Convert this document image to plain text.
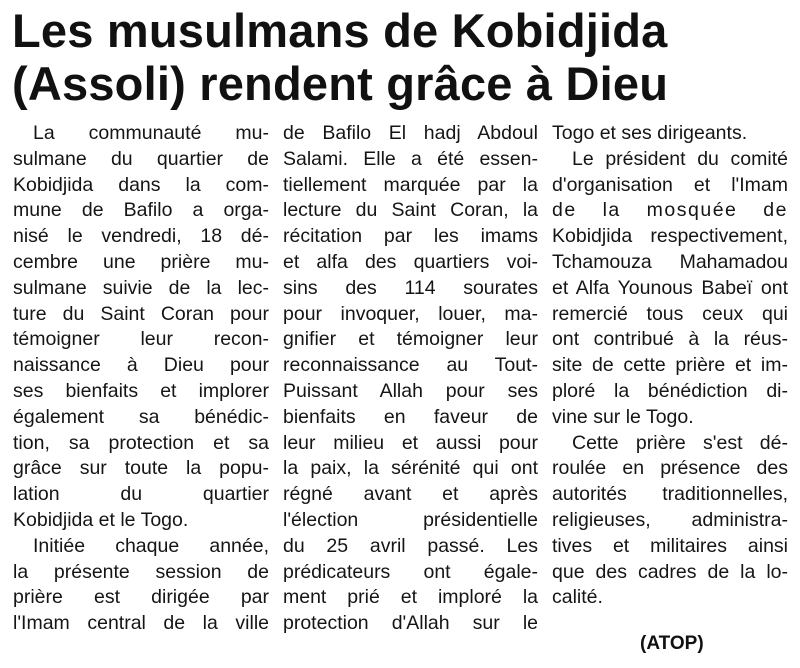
Les musulmans de Kobidjida
(Assoli) rendent grâce à Dieu
La communauté mu-
sulmane du quartier de
Kobidjida dans la com-
mune de Bafilo a orga-
nisé le vendredi, 18 dé-
cembre une prière mu-
sulmane suivie de la lec-
ture du Saint Coran pour
témoigner leur recon-
naissance à Dieu pour
ses bienfaits et implorer
également sa bénédic-
tion, sa protection et sa
grâce sur toute la popu-
lation du quartier
Kobidjida et le Togo.
Initiée chaque année,
la présente session de
prière est dirigée par
l'Imam central de la ville
de Bafilo El hadj Abdoul
Salami. Elle a été essen-
tiellement marquée par la
lecture du Saint Coran, la
récitation par les imams
et alfa des quartiers voi-
sins des 114 sourates
pour invoquer, louer, ma-
gnifier et témoigner leur
reconnaissance au Tout-
Puissant Allah pour ses
bienfaits en faveur de
leur milieu et aussi pour
la paix, la sérénité qui ont
régné avant et après
l'élection présidentielle
du 25 avril passé. Les
prédicateurs ont égale-
ment prié et imploré la
protection d'Allah sur le
Togo et ses dirigeants.
Le président du comité
d'organisation et l'Imam
de la mosquée de
Kobidjida respectivement,
Tchamouza Mahamadou
et Alfa Younous Babeï ont
remercié tous ceux qui
ont contribué à la réus-
site de cette prière et im-
ploré la bénédiction di-
vine sur le Togo.
Cette prière s'est dé-
roulée en présence des
autorités traditionnelles,
religieuses, administra-
tives et militaires ainsi
que des cadres de la lo-
calité.
(ATOP)
